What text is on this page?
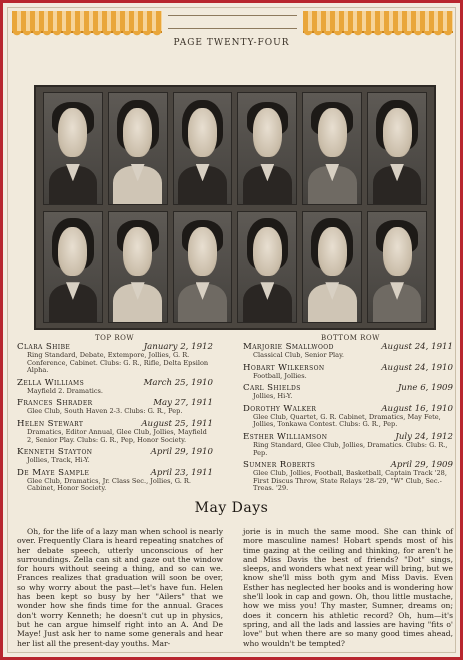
PAGE TWENTY-FOUR
TOP ROW	BOTTOM ROW
Clara Shibe	January 2, 1912
Ring Standard, Debate, Extempore, Jollies, G. R. Conference, Cabinet. Clubs: G. R., Rifle, Delta Epsilon Alpha.
Zella Williams	March 25, 1910
Mayfield 2. Dramatics.
Frances Shrader	May 27, 1911
Glee Club, South Haven 2-3. Clubs: G. R., Pep.
Helen Stewart	August 25, 1911
Dramatics, Editor Annual, Glee Club, Jollies, Mayfield 2, Senior Play. Clubs: G. R., Pep, Honor Society.
Kenneth Stayton	April 29, 1910
Jollies, Track, Hi-Y.
De Maye Sample	April 23, 1911
Glee Club, Dramatics, Jr. Class Sec., Jollies, G. R. Cabinet, Honor Society.
Marjorie Smallwood	August 24, 1911
Classical Club, Senior Play.
Hobart Wilkerson	August 24, 1910
Football, Jollies.
Carl Shields	June 6, 1909
Jollies, Hi-Y.
Dorothy Walker	August 16, 1910
Glee Club, Quartet, G. R. Cabinet, Dramatics, May Fete, Jollies, Tonkawa Contest. Clubs: G. R., Pep.
Esther Williamson	July 24, 1912
Ring Standard, Glee Club, Jollies, Dramatics. Clubs: G. R., Pep.
Sumner Roberts	April 29, 1909
Glee Club, Jollies, Football, Basketball, Captain Track '28, First Discus Throw, State Relays '28-'29, "W" Club, Sec.-Treas. '29.
May Days
Oh, for the life of a lazy man when school is nearly over. Frequently Clara is heard repeating snatches of her debate speech, utterly unconscious of her surroundings. Zella can sit and gaze out the window for hours without seeing a thing, and so can we. Frances realizes that graduation will soon be over, so why worry about the past—let's have fun. Helen has been kept so busy by her "Ailers" that we wonder how she finds time for the annual. Graces don't worry Kenneth; he doesn't cut up in physics, but he can argue himself right into an A. And De Maye! Just ask her to name some generals and hear her list all the present-day youths. Mar-
jorie is in much the same mood. She can think of more masculine names! Hobart spends most of his time gazing at the ceiling and thinking, for aren't he and Miss Davis the best of friends? "Dot" sings, sleeps, and wonders what next year will bring, but we know she'll miss both gym and Miss Davis. Even Esther has neglected her books and is wondering how she'll look in cap and gown. Oh, thou little mustache, how we miss you! Thy master, Sumner, dreams on; does it concern his athletic record? Oh, hum—it's spring, and all the lads and lassies are having "fits o' love" but when there are so many good times ahead, who wouldn't be tempted?
